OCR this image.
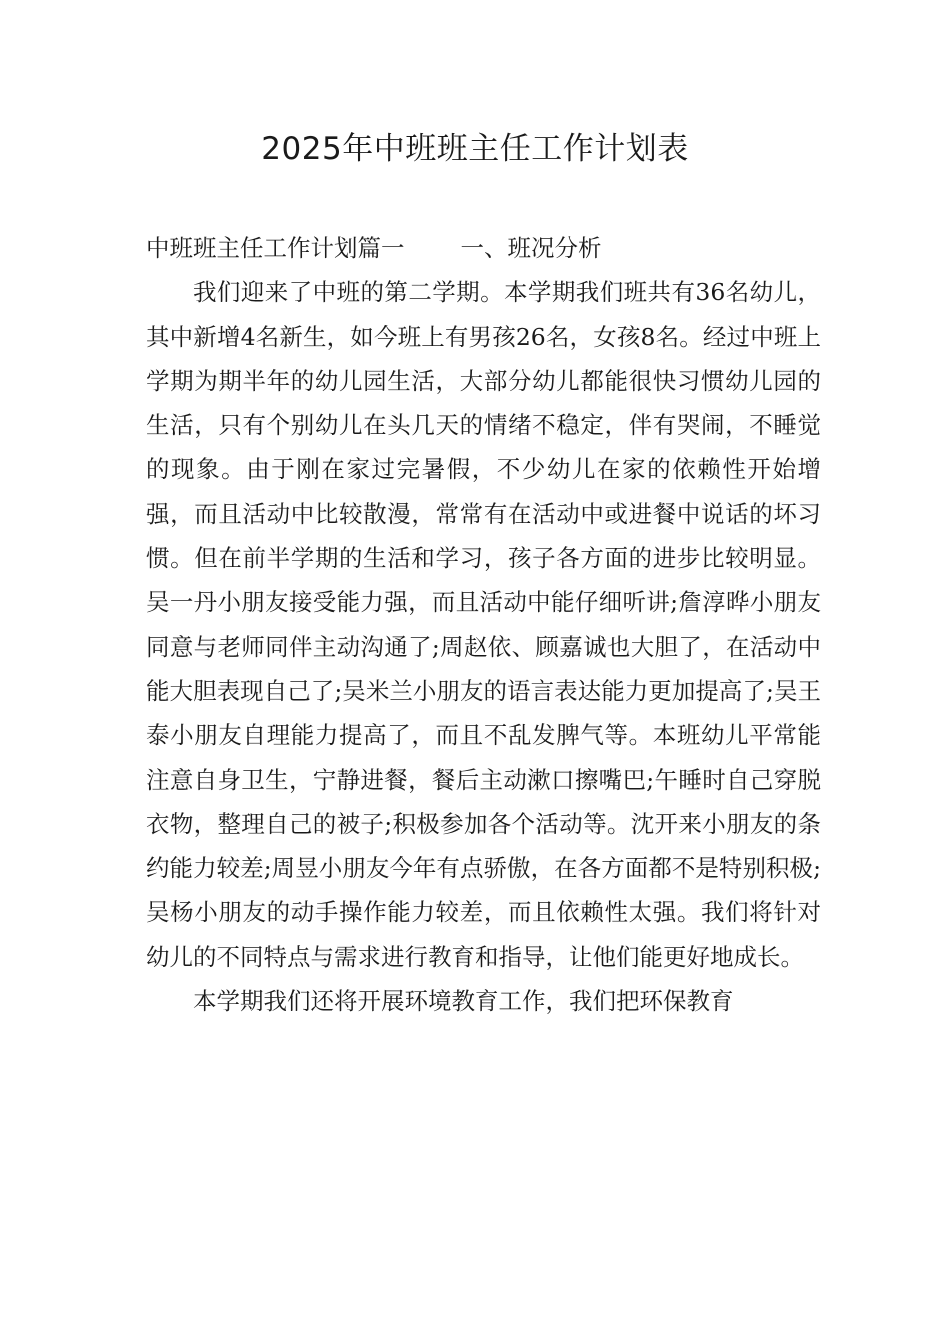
2025年中班班主任工作计划表

中班班主任工作计划篇一 一、班况分析

我们迎来了中班的第二学期。本学期我们班共有36名幼儿，其中新增4名新生，如今班上有男孩26名，女孩8名。经过中班上学期为期半年的幼儿园生活，大部分幼儿都能很快习惯幼儿园的生活，只有个别幼儿在头几天的情绪不稳定，伴有哭闹，不睡觉的现象。由于刚在家过完暑假，不少幼儿在家的依赖性开始增强，而且活动中比较散漫，常常有在活动中或进餐中说话的坏习惯。但在前半学期的生活和学习，孩子各方面的进步比较明显。吴一丹小朋友接受能力强，而且活动中能仔细听讲;詹淳晔小朋友同意与老师同伴主动沟通了;周赵依、顾嘉诚也大胆了，在活动中能大胆表现自己了;吴米兰小朋友的语言表达能力更加提高了;吴王泰小朋友自理能力提高了，而且不乱发脾气等。本班幼儿平常能注意自身卫生，宁静进餐，餐后主动漱口擦嘴巴;午睡时自己穿脱衣物，整理自己的被子;积极参加各个活动等。沈开来小朋友的条约能力较差;周昱小朋友今年有点骄傲，在各方面都不是特别积极;吴杨小朋友的动手操作能力较差，而且依赖性太强。我们将针对幼儿的不同特点与需求进行教育和指导，让他们能更好地成长。

本学期我们还将开展环境教育工作，我们把环保教育
